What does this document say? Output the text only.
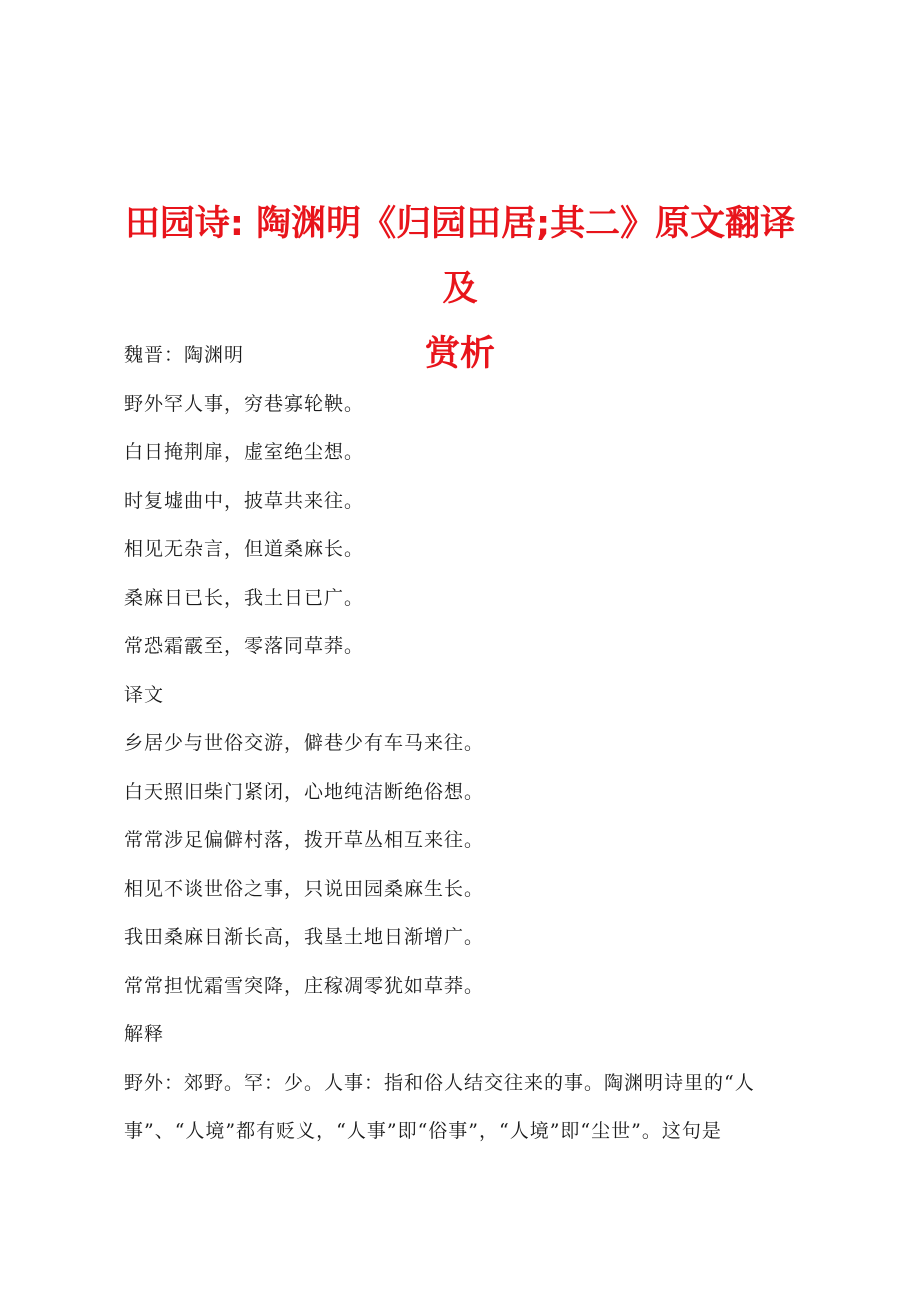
田园诗: 陶渊明《归园田居;其二》原文翻译及
赏析
魏晋：陶渊明
野外罕人事，穷巷寡轮鞅。
白日掩荆扉，虚室绝尘想。
时复墟曲中，披草共来往。
相见无杂言，但道桑麻长。
桑麻日已长，我土日已广。
常恐霜霰至，零落同草莽。
译文
乡居少与世俗交游，僻巷少有车马来往。
白天照旧柴门紧闭，心地纯洁断绝俗想。
常常涉足偏僻村落，拨开草丛相互来往。
相见不谈世俗之事，只说田园桑麻生长。
我田桑麻日渐长高，我垦土地日渐增广。
常常担忧霜雪突降，庄稼凋零犹如草莽。
解释
野外：郊野。罕：少。人事：指和俗人结交往来的事。陶渊明诗里的“人
事”、“人境”都有贬义，“人事”即“俗事”，“人境”即“尘世”。这句是
